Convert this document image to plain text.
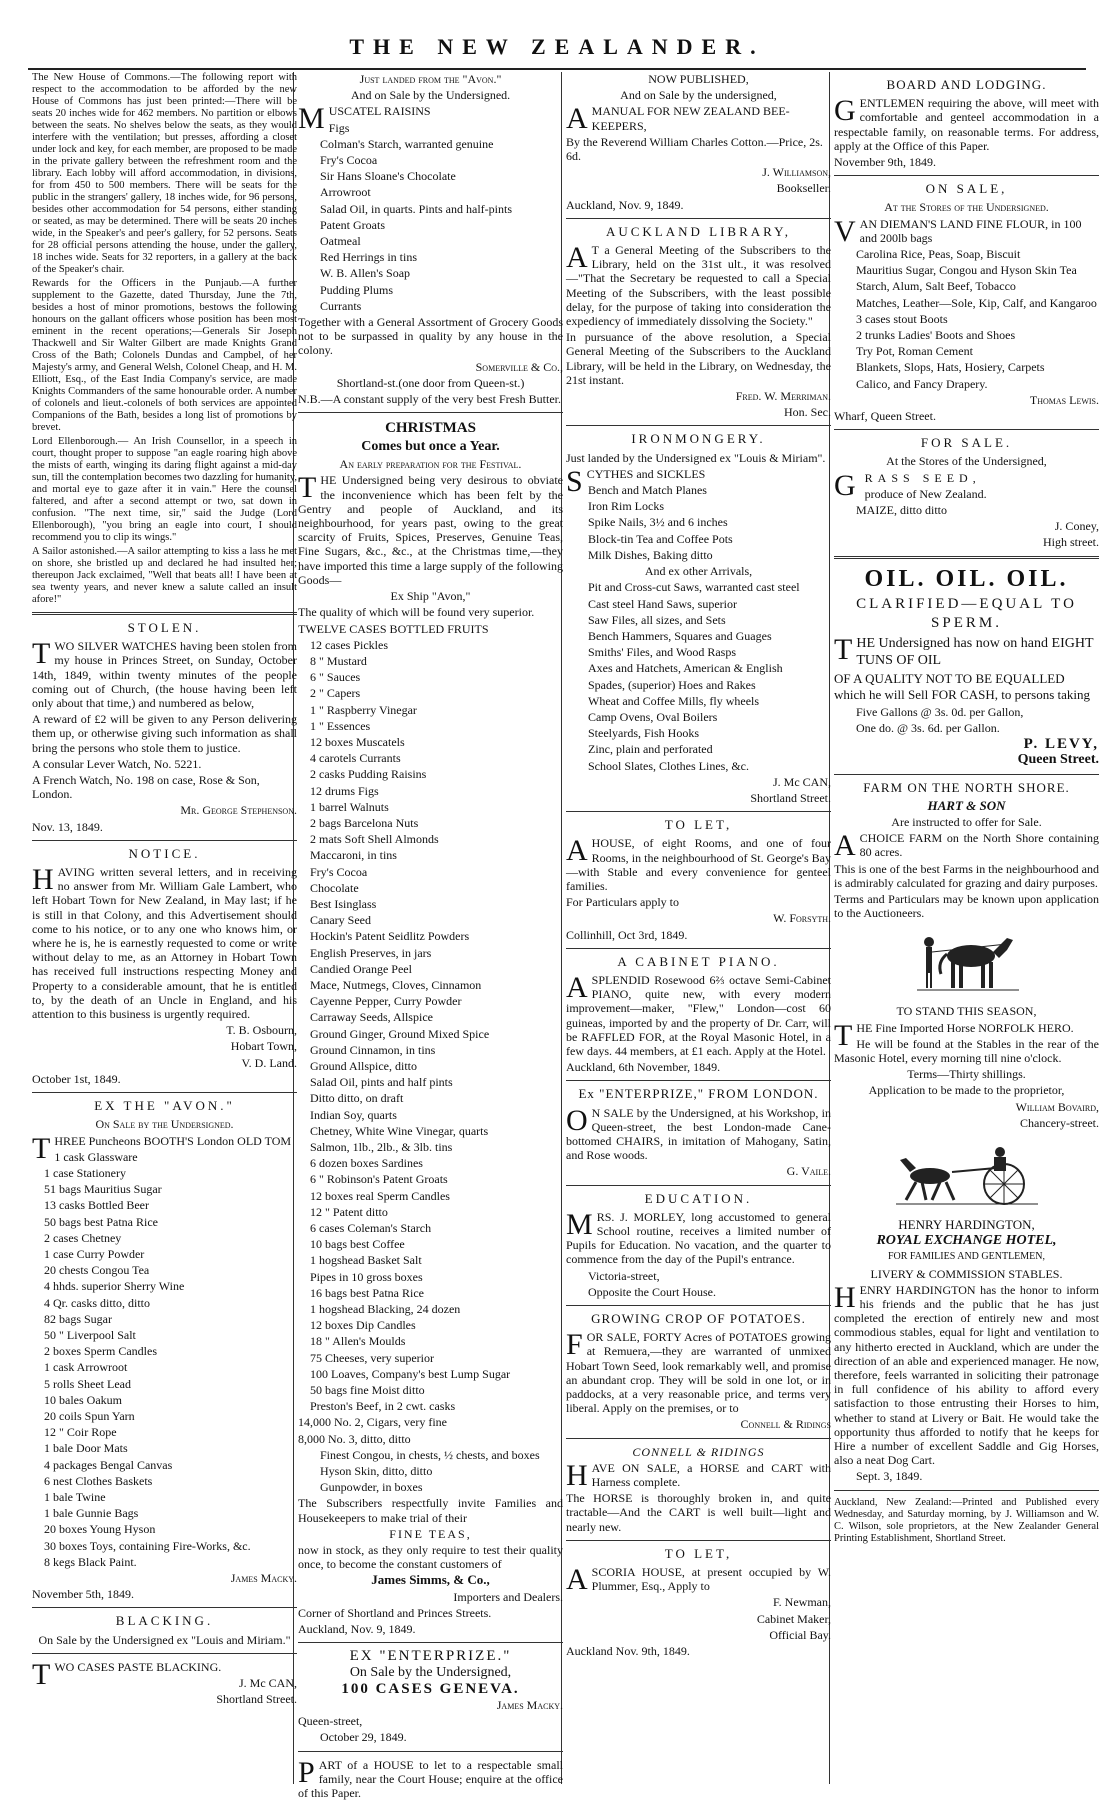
THE NEW ZEALANDER.

The New House of Commons.—The following report with respect to the accommodation to be afforded by the new House of Commons has just been printed:—There will be seats 20 inches wide for 462 members. No partition or elbows between the seats. No shelves below the seats, as they would interfere with the ventilation; but presses, affording a closet under lock and key, for each member, are proposed to be made in the private gallery between the refreshment room and the library. Each lobby will afford accommodation, in divisions, for from 450 to 500 members. There will be seats for the public in the strangers' gallery, 18 inches wide, for 96 persons, besides other accommodation for 54 persons, either standing or seated, as may be determined. There will be seats 20 inches wide, in the Speaker's and peer's gallery, for 52 persons. Seats for 28 official persons attending the house, under the gallery, 18 inches wide. Seats for 32 reporters, in a gallery at the back of the Speaker's chair.

Rewards for the Officers in the Punjaub.—A further supplement to the Gazette, dated Thursday, June the 7th, besides a host of minor promotions, bestows the following honours on the gallant officers whose position has been most eminent in the recent operations;—Generals Sir Joseph Thackwell and Sir Walter Gilbert are made Knights Grand Cross of the Bath; Colonels Dundas and Campbel, of her Majesty's army, and General Welsh, Colonel Cheap, and H. M. Elliott, Esq., of the East India Company's service, are made Knights Commanders of the same honourable order. A number of colonels and lieut.-colonels of both services are appointed Companions of the Bath, besides a long list of promotions by brevet.

Lord Ellenborough.— An Irish Counsellor, in a speech in court, thought proper to suppose "an eagle roaring high above the mists of earth, winging its daring flight against a mid-day sun, till the contemplation becomes two dazzling for humanity, and mortal eye to gaze after it in vain." Here the counsel faltered, and after a second attempt or two, sat down in confusion. "The next time, sir," said the Judge (Lord Ellenborough), "you bring an eagle into court, I should recommend you to clip its wings."

A Sailor astonished.—A sailor attempting to kiss a lass he met on shore, she bristled up and declared he had insulted her; thereupon Jack exclaimed, "Well that beats all! I have been at sea twenty years, and never knew a salute called an insult afore!"

STOLEN.

TWO SILVER WATCHES having been stolen from my house in Princes Street, on Sunday, October 14th, 1849, within twenty minutes of the people coming out of Church, (the house having been left only about that time,) and numbered as below,

A reward of £2 will be given to any Person delivering them up, or otherwise giving such information as shall bring the persons who stole them to justice.

A consular Lever Watch, No. 5221.

A French Watch, No. 198 on case, Rose & Son, London.

Mr. George Stephenson.

Nov. 13, 1849.

NOTICE.

HAVING written several letters, and in receiving no answer from Mr. William Gale Lambert, who left Hobart Town for New Zealand, in May last; if he is still in that Colony, and this Advertisement should come to his notice, or to any one who knows him, or where he is, he is earnestly requested to come or write without delay to me, as an Attorney in Hobart Town has received full instructions respecting Money and Property to a considerable amount, that he is entitled to, by the death of an Uncle in England, and his attention to this business is urgently required.

T. B. Osbourn,

Hobart Town,

V. D. Land.

October 1st, 1849.

EX THE "AVON."

On Sale by the Undersigned.

THREE Puncheons BOOTH'S London OLD TOM

1 cask Glassware

1 case Stationery

51 bags Mauritius Sugar

13 casks Bottled Beer

50 bags best Patna Rice

2 cases Chetney

1 case Curry Powder

20 chests Congou Tea

4 hhds. superior Sherry Wine

4 Qr. casks ditto, ditto

82 bags Sugar

50 " Liverpool Salt

2 boxes Sperm Candles

1 cask Arrowroot

5 rolls Sheet Lead

10 bales Oakum

20 coils Spun Yarn

12 " Coir Rope

1 bale Door Mats

4 packages Bengal Canvas

6 nest Clothes Baskets

1 bale Twine

1 bale Gunnie Bags

20 boxes Young Hyson

30 boxes Toys, containing Fire-Works, &c.

8 kegs Black Paint.

James Macky.

November 5th, 1849.

BLACKING.

On Sale by the Undersigned ex "Louis and Miriam."

TWO CASES PASTE BLACKING.

J. Mc CAN,

Shortland Street.

Just landed from the "Avon."

And on Sale by the Undersigned.

MUSCATEL RAISINS

Figs

Colman's Starch, warranted genuine

Fry's Cocoa

Sir Hans Sloane's Chocolate

Arrowroot

Salad Oil, in quarts. Pints and half-pints

Patent Groats

Oatmeal

Red Herrings in tins

W. B. Allen's Soap

Pudding Plums

Currants

Together with a General Assortment of Grocery Goods not to be surpassed in quality by any house in the colony.

Somerville & Co.,

Shortland-st.(one door from Queen-st.)

N.B.—A constant supply of the very best Fresh Butter.

CHRISTMAS

Comes but once a Year.

An early preparation for the Festival.

THE Undersigned being very desirous to obviate the inconvenience which has been felt by the Gentry and people of Auckland, and its neighbourhood, for years past, owing to the great scarcity of Fruits, Spices, Preserves, Genuine Teas, Fine Sugars, &c., &c., at the Christmas time,—they have imported this time a large supply of the following Goods—

Ex Ship "Avon,"

The quality of which will be found very superior.

TWELVE CASES BOTTLED FRUITS

12 cases Pickles

8 " Mustard

6 " Sauces

2 " Capers

1 " Raspberry Vinegar

1 " Essences

12 boxes Muscatels

4 carotels Currants

2 casks Pudding Raisins

12 drums Figs

1 barrel Walnuts

2 bags Barcelona Nuts

2 mats Soft Shell Almonds

Maccaroni, in tins

Fry's Cocoa

Chocolate

Best Isinglass

Canary Seed

Hockin's Patent Seidlitz Powders

English Preserves, in jars

Candied Orange Peel

Mace, Nutmegs, Cloves, Cinnamon

Cayenne Pepper, Curry Powder

Carraway Seeds, Allspice

Ground Ginger, Ground Mixed Spice

Ground Cinnamon, in tins

Ground Allspice, ditto

Salad Oil, pints and half pints

Ditto ditto, on draft

Indian Soy, quarts

Chetney, White Wine Vinegar, quarts

Salmon, 1lb., 2lb., & 3lb. tins

6 dozen boxes Sardines

6 " Robinson's Patent Groats

12 boxes real Sperm Candles

12 " Patent ditto

6 cases Coleman's Starch

10 bags best Coffee

1 hogshead Basket Salt

Pipes in 10 gross boxes

16 bags best Patna Rice

1 hogshead Blacking, 24 dozen

12 boxes Dip Candles

18 " Allen's Moulds

75 Cheeses, very superior

100 Loaves, Company's best Lump Sugar

50 bags fine Moist ditto

Preston's Beef, in 2 cwt. casks

14,000 No. 2, Cigars, very fine

8,000 No. 3, ditto, ditto

Finest Congou, in chests, ½ chests, and boxes

Hyson Skin, ditto, ditto

Gunpowder, in boxes

The Subscribers respectfully invite Families and Housekeepers to make trial of their

FINE TEAS,

now in stock, as they only require to test their quality once, to become the constant customers of

James Simms, & Co.,

Importers and Dealers.

Corner of Shortland and Princes Streets.

Auckland, Nov. 9, 1849.

EX "ENTERPRIZE."

On Sale by the Undersigned,

100 CASES GENEVA.

James Macky.

Queen-street,

October 29, 1849.

PART of a HOUSE to let to a respectable small family, near the Court House; enquire at the office of this Paper.

NOW PUBLISHED,

And on Sale by the undersigned,

AMANUAL FOR NEW ZEALAND BEE-KEEPERS,

By the Reverend William Charles Cotton.—Price, 2s. 6d.

J. Williamson,

Bookseller.

Auckland, Nov. 9, 1849.

AUCKLAND LIBRARY,

A T a General Meeting of the Subscribers to the Library, held on the 31st ult., it was resolved—"That the Secretary be requested to call a Special Meeting of the Subscribers, with the least possible delay, for the purpose of taking into consideration the expediency of immediately dissolving the Society."

In pursuance of the above resolution, a Special General Meeting of the Subscribers to the Auckland Library, will be held in the Library, on Wednesday, the 21st instant.

Fred. W. Merriman.

Hon. Sec.

IRONMONGERY.

Just landed by the Undersigned ex "Louis & Miriam".

SCYTHES and SICKLES

Bench and Match Planes

Iron Rim Locks

Spike Nails, 3½ and 6 inches

Block-tin Tea and Coffee Pots

Milk Dishes, Baking ditto

And ex other Arrivals,

Pit and Cross-cut Saws, warranted cast steel

Cast steel Hand Saws, superior

Saw Files, all sizes, and Sets

Bench Hammers, Squares and Guages

Smiths' Files, and Wood Rasps

Axes and Hatchets, American & English

Spades, (superior) Hoes and Rakes

Wheat and Coffee Mills, fly wheels

Camp Ovens, Oval Boilers

Steelyards, Fish Hooks

Zinc, plain and perforated

School Slates, Clothes Lines, &c.

J. Mc CAN,

Shortland Street.

TO LET,

AHOUSE, of eight Rooms, and one of four Rooms, in the neighbourhood of St. George's Bay—with Stable and every convenience for genteel families.

For Particulars apply to

W. Forsyth.

Collinhill, Oct 3rd, 1849.

A CABINET PIANO.

ASPLENDID Rosewood 6⅔ octave Semi-Cabinet PIANO, quite new, with every modern improvement—maker, "Flew," London—cost 60 guineas, imported by and the property of Dr. Carr, will be RAFFLED FOR, at the Royal Masonic Hotel, in a few days. 44 members, at £1 each. Apply at the Hotel.

Auckland, 6th November, 1849.

Ex "ENTERPRIZE," FROM LONDON.

O N SALE by the Undersigned, at his Workshop, in Queen-street, the best London-made Cane-bottomed CHAIRS, in imitation of Mahogany, Satin, and Rose woods.

G. Vaile.

EDUCATION.

MRS. J. MORLEY, long accustomed to general School routine, receives a limited number of Pupils for Education. No vacation, and the quarter to commence from the day of the Pupil's entrance.

Victoria-street,

Opposite the Court House.

GROWING CROP OF POTATOES.

FOR SALE, FORTY Acres of POTATOES growing at Remuera,—they are warranted of unmixed Hobart Town Seed, look remarkably well, and promise an abundant crop. They will be sold in one lot, or in paddocks, at a very reasonable price, and terms very liberal. Apply on the premises, or to

Connell & Ridings

CONNELL & RIDINGS

HAVE ON SALE, a HORSE and CART with Harness complete.

The HORSE is thoroughly broken in, and quite tractable—And the CART is well built—light and nearly new.

TO LET,

ASCORIA HOUSE, at present occupied by W. Plummer, Esq., Apply to

F. Newman,

Cabinet Maker,

Official Bay.

Auckland Nov. 9th, 1849.

BOARD AND LODGING.

GENTLEMEN requiring the above, will meet with comfortable and genteel accommodation in a respectable family, on reasonable terms. For address, apply at the Office of this Paper.

November 9th, 1849.

ON SALE,

At the Stores of the Undersigned.

VAN DIEMAN'S LAND FINE FLOUR, in 100 and 200lb bags

Carolina Rice, Peas, Soap, Biscuit

Mauritius Sugar, Congou and Hyson Skin Tea

Starch, Alum, Salt Beef, Tobacco

Matches, Leather—Sole, Kip, Calf, and Kangaroo

3 cases stout Boots

2 trunks Ladies' Boots and Shoes

Try Pot, Roman Cement

Blankets, Slops, Hats, Hosiery, Carpets

Calico, and Fancy Drapery.

Thomas Lewis.

Wharf, Queen Street.

FOR SALE.

At the Stores of the Undersigned,

GRASS SEED,

produce of New Zealand.

MAIZE, ditto ditto

J. Coney,

High street.

OIL. OIL. OIL.

CLARIFIED—EQUAL TO SPERM.

THE Undersigned has now on hand EIGHT TUNS OF OIL

OF A QUALITY NOT TO BE EQUALLED which he will Sell FOR CASH, to persons taking

Five Gallons @ 3s. 0d. per Gallon,

One do. @ 3s. 6d. per Gallon.

P. LEVY,

Queen Street.

FARM ON THE NORTH SHORE.

HART & SON

Are instructed to offer for Sale.

ACHOICE FARM on the North Shore containing 80 acres.

This is one of the best Farms in the neighbourhood and is admirably calculated for grazing and dairy purposes.

Terms and Particulars may be known upon application to the Auctioneers.

TO STAND THIS SEASON,

THE Fine Imported Horse NORFOLK HERO.

He will be found at the Stables in the rear of the Masonic Hotel, every morning till nine o'clock.

Terms—Thirty shillings.

Application to be made to the proprietor,

William Bovaird,

Chancery-street.

HENRY HARDINGTON,

ROYAL EXCHANGE HOTEL,

FOR FAMILIES AND GENTLEMEN,

LIVERY & COMMISSION STABLES.

HENRY HARDINGTON has the honor to inform his friends and the public that he has just completed the erection of entirely new and most commodious stables, equal for light and ventilation to any hitherto erected in Auckland, which are under the direction of an able and experienced manager. He now, therefore, feels warranted in soliciting their patronage in full confidence of his ability to afford every satisfaction to those entrusting their Horses to him, whether to stand at Livery or Bait. He would take the opportunity thus afforded to notify that he keeps for Hire a number of excellent Saddle and Gig Horses, also a neat Dog Cart.

Sept. 3, 1849.

Auckland, New Zealand:—Printed and Published every Wednesday, and Saturday morning, by J. Williamson and W. C. Wilson, sole proprietors, at the New Zealander General Printing Establishment, Shortland Street.
